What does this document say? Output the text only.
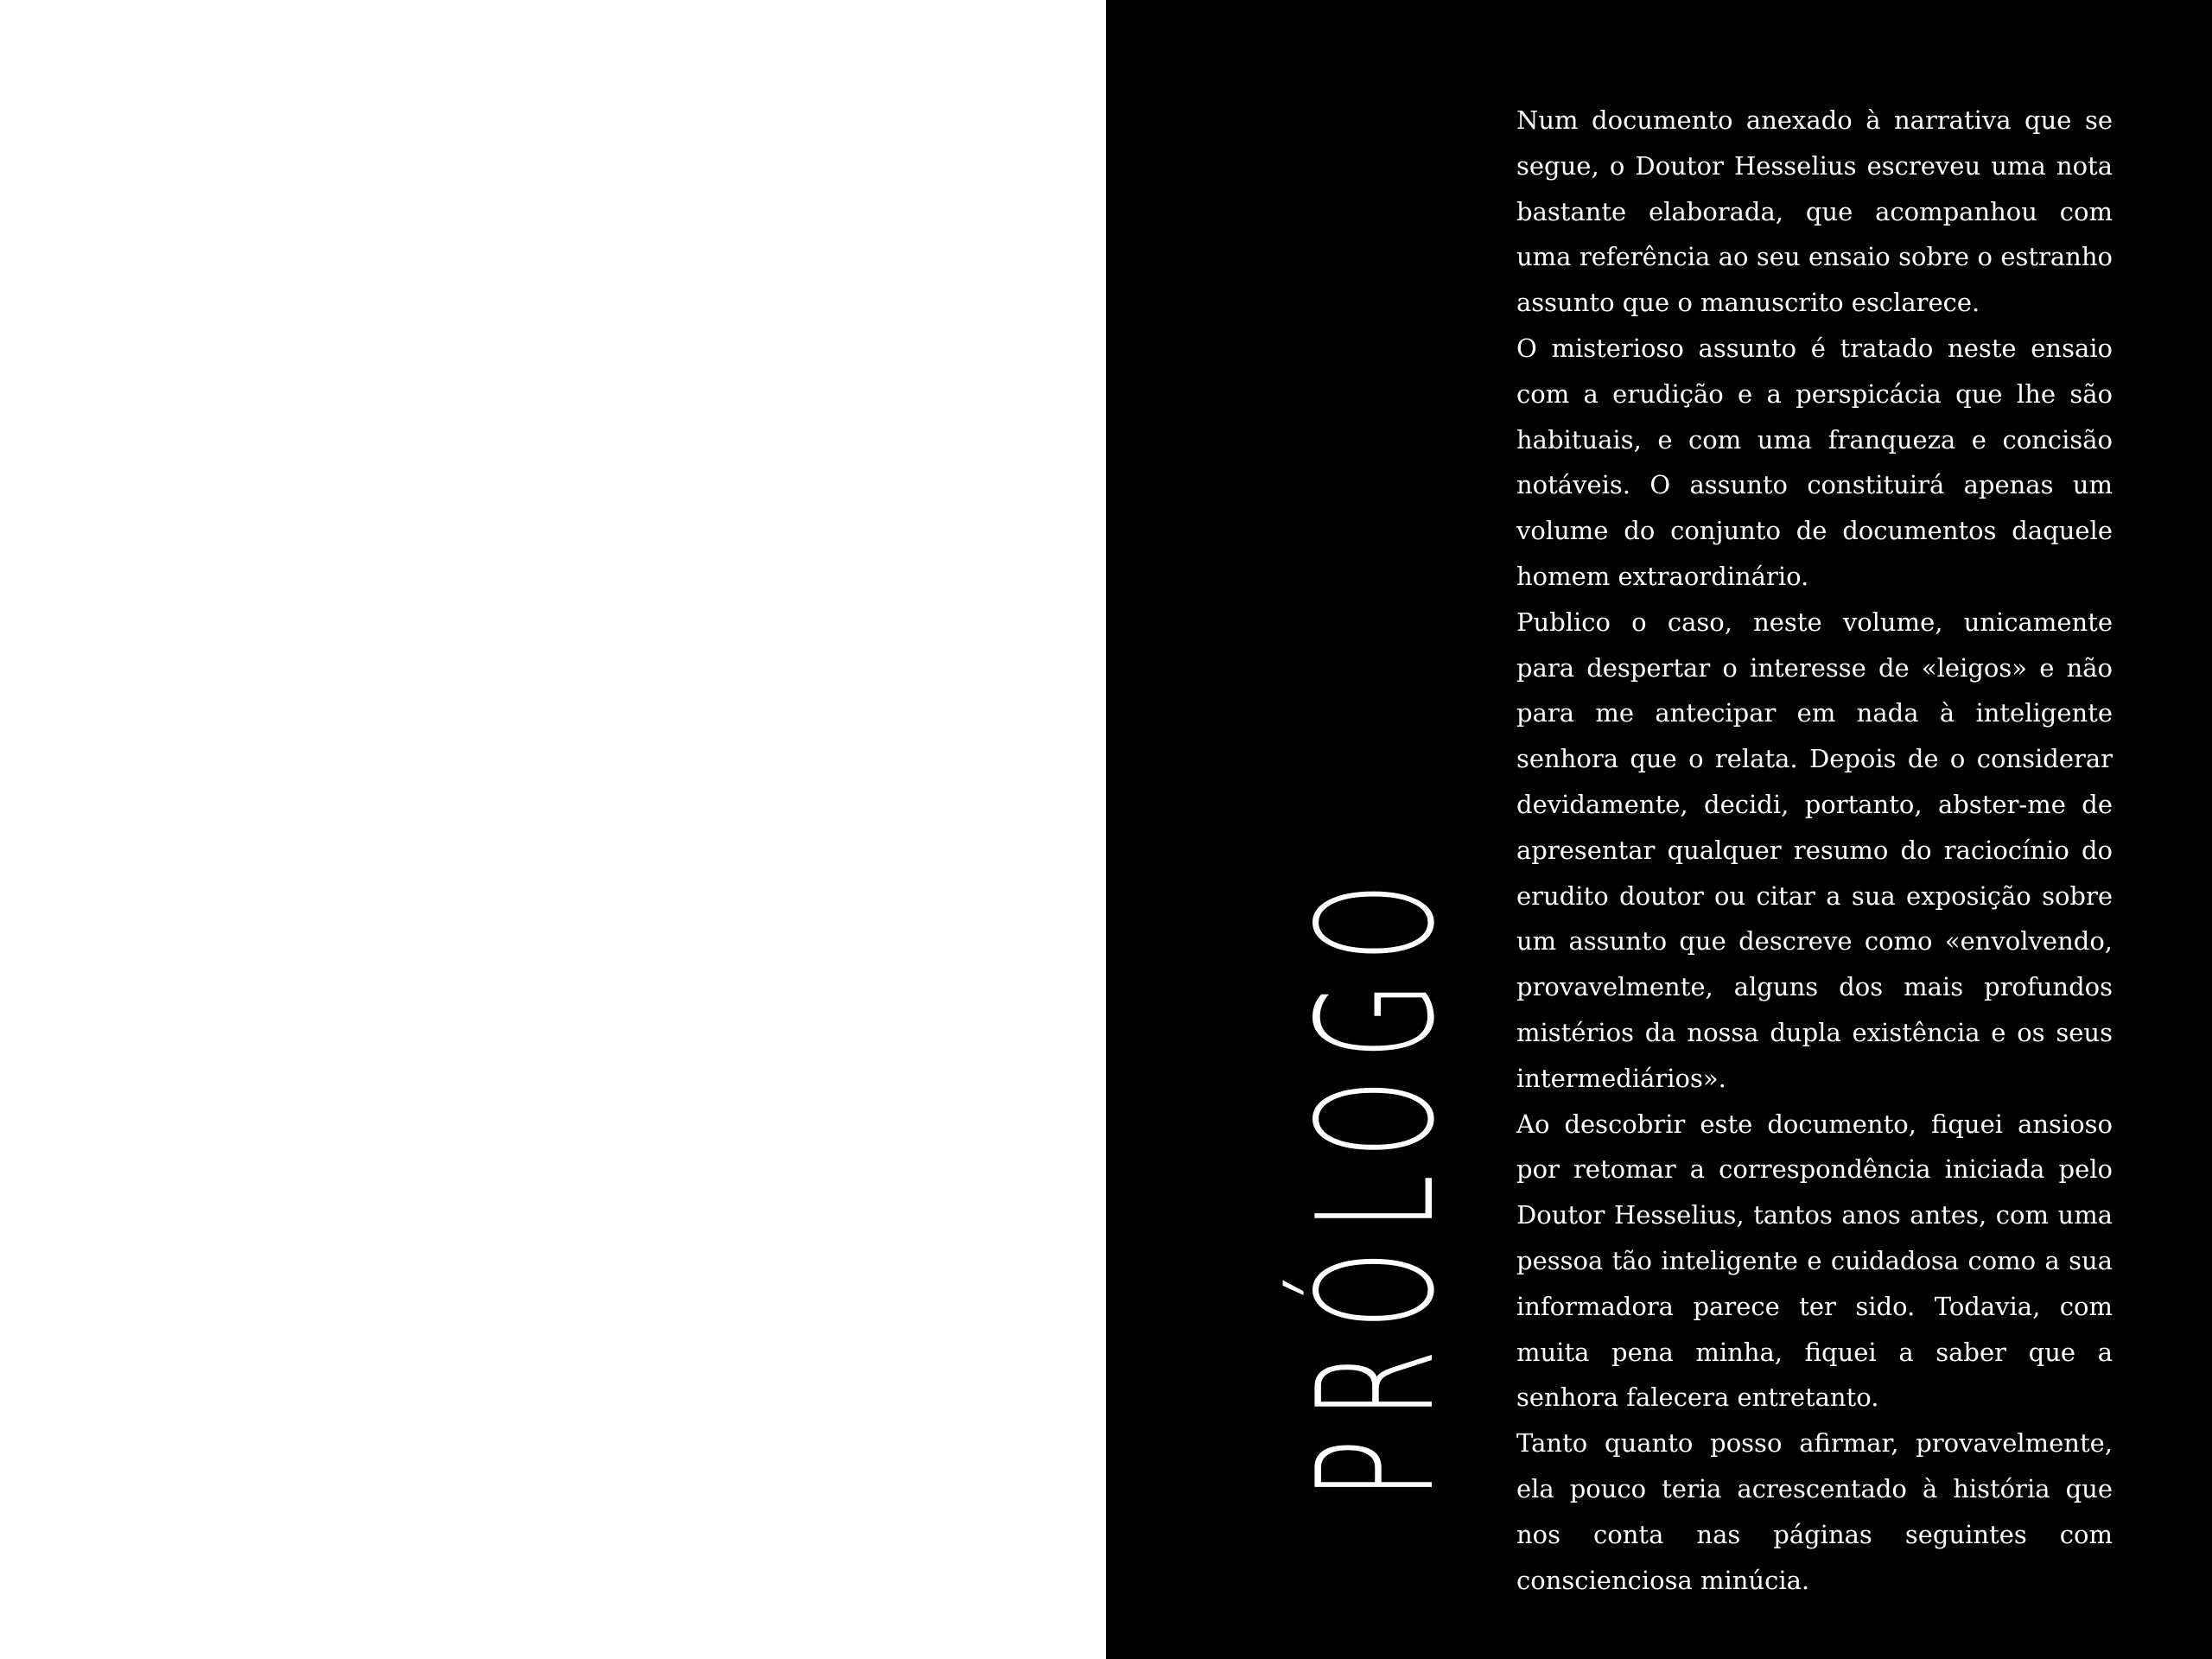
PRÓLOGO

Num documento anexado à narrativa que se segue, o Doutor Hesselius escreveu uma nota bastante elaborada, que acompanhou com uma referência ao seu ensaio sobre o estranho assunto que o manuscrito esclarece.

O misterioso assunto é tratado neste ensaio com a erudição e a perspicácia que lhe são habituais, e com uma franqueza e concisão notáveis. O assunto constituirá apenas um volume do conjunto de documentos daquele homem extraordinário.

Publico o caso, neste volume, unicamente para despertar o interesse de «leigos» e não para me antecipar em nada à inteligente senhora que o relata. Depois de o considerar devidamente, decidi, portanto, abster-me de apresentar qualquer resumo do raciocínio do erudito doutor ou citar a sua exposição sobre um assunto que descreve como «envolvendo, provavelmente, alguns dos mais profundos mistérios da nossa dupla existência e os seus intermediários».

Ao descobrir este documento, fiquei ansioso por retomar a correspondência iniciada pelo Doutor Hesselius, tantos anos antes, com uma pessoa tão inteligente e cuidadosa como a sua informadora parece ter sido. Todavia, com muita pena minha, fiquei a saber que a senhora falecera entretanto.

Tanto quanto posso afirmar, provavelmente, ela pouco teria acrescentado à história que nos conta nas páginas seguintes com conscienciosa minúcia.
